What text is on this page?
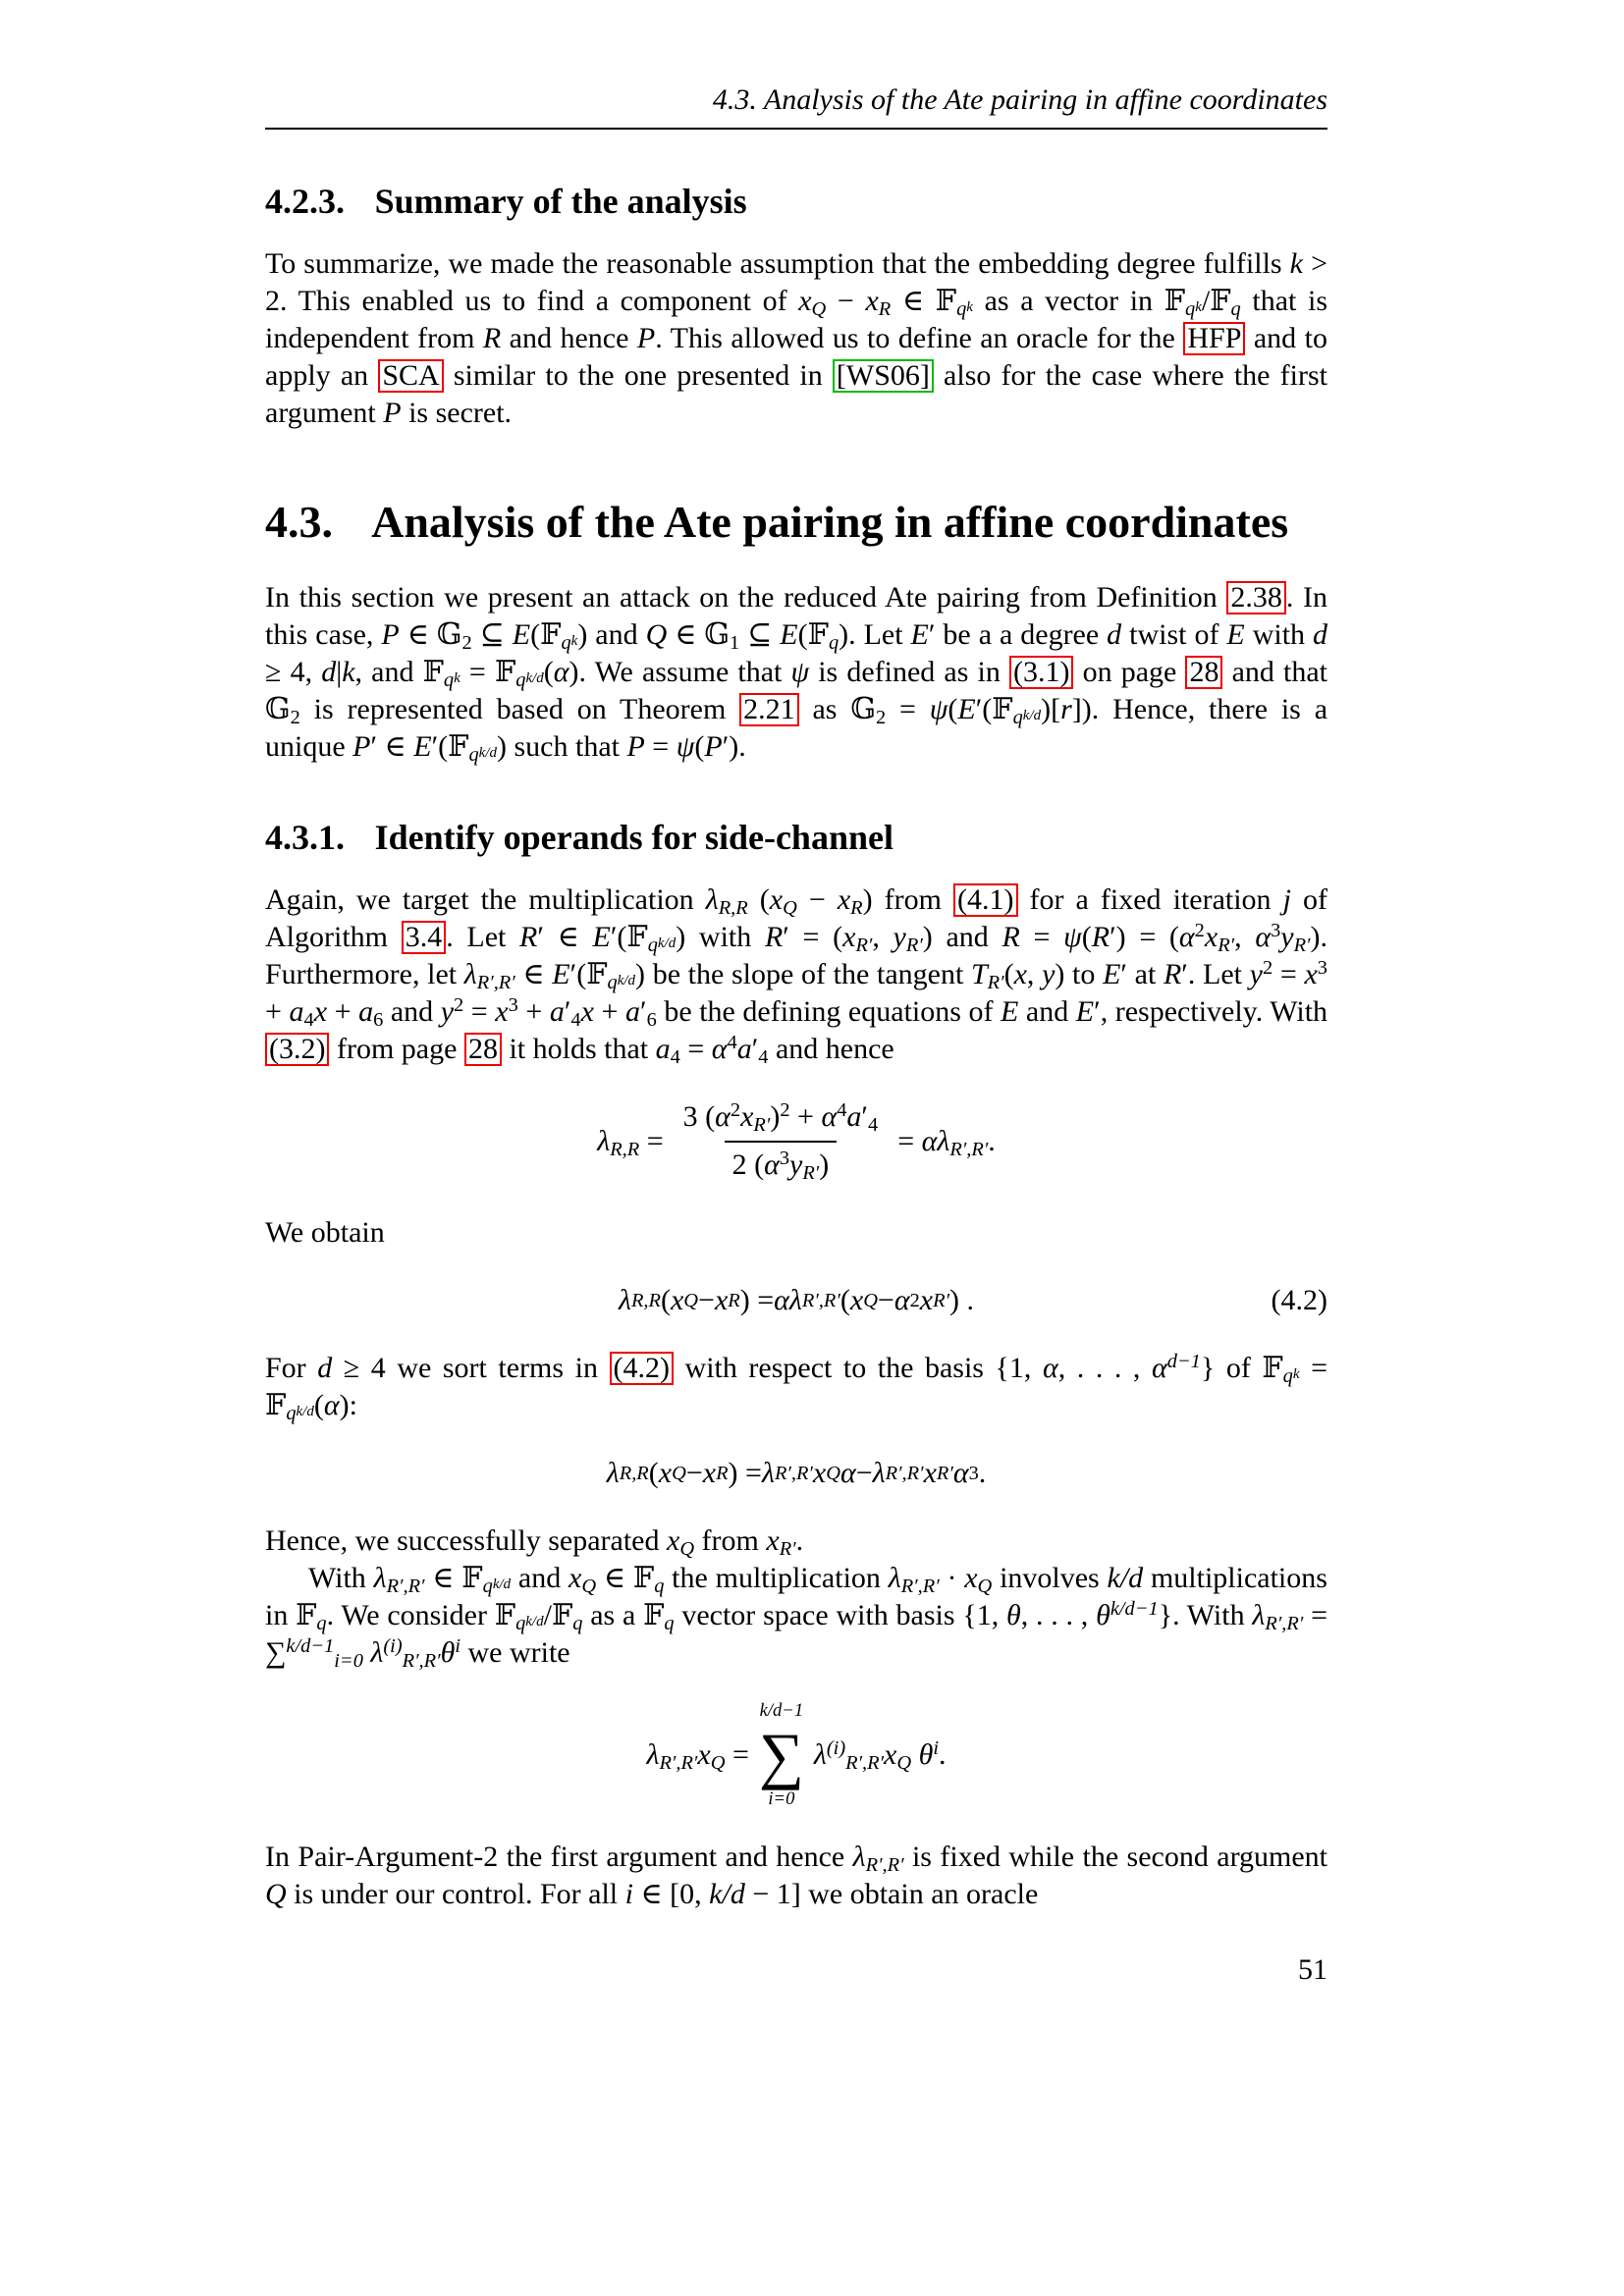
4.3. Analysis of the Ate pairing in affine coordinates
4.2.3. Summary of the analysis

To summarize, we made the reasonable assumption that the embedding degree fulfills k > 2. This enabled us to find a component of $x_Q - x_R$ ∈ 𝔽$_q$k as a vector in 𝔽$_q$k/𝔽$_q$ that is independent from R and hence P. This allowed us to define an oracle for the HFP and to apply an SCA similar to the one presented in [WS06] also for the case where the first argument P is secret.

4.3. Analysis of the Ate pairing in affine coordinates

In this section we present an attack on the reduced Ate pairing from Definition 2.38 . In this case, P ∈ 𝔾$_2$ ⊆ E(𝔽$_q$k) and Q ∈ 𝔾$_1$ ⊆ E(𝔽$_q$). Let E′ be a a degree d twist of E with d ≥ 4, d|k, and 𝔽$_q$k = 𝔽$_q$k/d(α). We assume that ψ is defined as in (3.1) on page 28 and that 𝔾$_2$ is represented based on Theorem 2.21 as 𝔾$_2$ = ψ(E′(𝔽$_q$k/d)[r]). Hence, there is a unique P′ ∈ E′(𝔽$_q$k/d) such that P = ψ(P′).

4.3.1. Identify operands for side-channel

Again, we target the multiplication $\lambda_{R,R}$ $(x_Q - x_R)$ from (4.1) for a fixed iteration j of Algorithm 3.4 . Let R′ ∈ E′(𝔽$_q$k/d) with $R' = (x_{R'}$, $y_{R'}$) and $R = \psi(R') = (\alpha^2x_{R'}$, $\alpha^3y_{R'}$). Furthermore, let $\lambda_{R',R'}$ ∈ E′(𝔽$_q$k/d) be the slope of the tangent $T_{R'}(x$, y) to E′ at R′. Let $y^2 = x^3 + a_4x + a_6$ and $y^2 = x^3 + a'_4x + a'_6$ be the defining equations of E and E′, respectively. With (3.2) from page 28 it holds that $a_4 = \alpha^4a'_4$ and hence

$\lambda_{R,R} = \frac{3 (\alpha^2x_{R'})^2 + \alpha^4a'_4}{2 (\alpha^3y_{R'})} = \alpha\lambda_{R',R'}$.

We obtain

λ R,R ( x Q − x R ) = α λ R′,R′ ( x Q − α 2 x R′ ) .	(4.2)

For d ≥ 4 we sort terms in (4.2) with respect to the basis {1, α, . . . , $\alpha^{d-1}$} of 𝔽$_q$k = 𝔽$_q$k/d(α):

λ R,R ( x Q − x R ) = λ R′,R′ x Q α − λ R′,R′ x R′ α 3 .

Hence, we successfully separated $x_Q$ from $x_{R'}$.

With $\lambda_{R',R'}$ ∈ 𝔽$_q$k/d and $x_Q$ ∈ 𝔽$_q$ the multiplication $\lambda_{R',R'} \cdot x_Q$ involves k/d multiplications in 𝔽$_q$. We consider 𝔽$_q$k/d/𝔽$_q$ as a 𝔽$_q$ vector space with basis {1, θ, . . . , $\theta^{k/d-1}$}. With $\lambda_{R',R'} = \sum^{k/d-1}_{i=0}$ $\lambda^{(i)}_{R',R'}\theta^i$ we write

$\lambda_{R',R'}x_Q$ =
k/d−1
∑
i=0
$\lambda^{(i)}_{R',R'}x_Q$ $\theta^i$.

In Pair-Argument-2 the first argument and hence $\lambda_{R',R'}$ is fixed while the second argument Q is under our control. For all i ∈ [0, k/d − 1] we obtain an oracle

51
